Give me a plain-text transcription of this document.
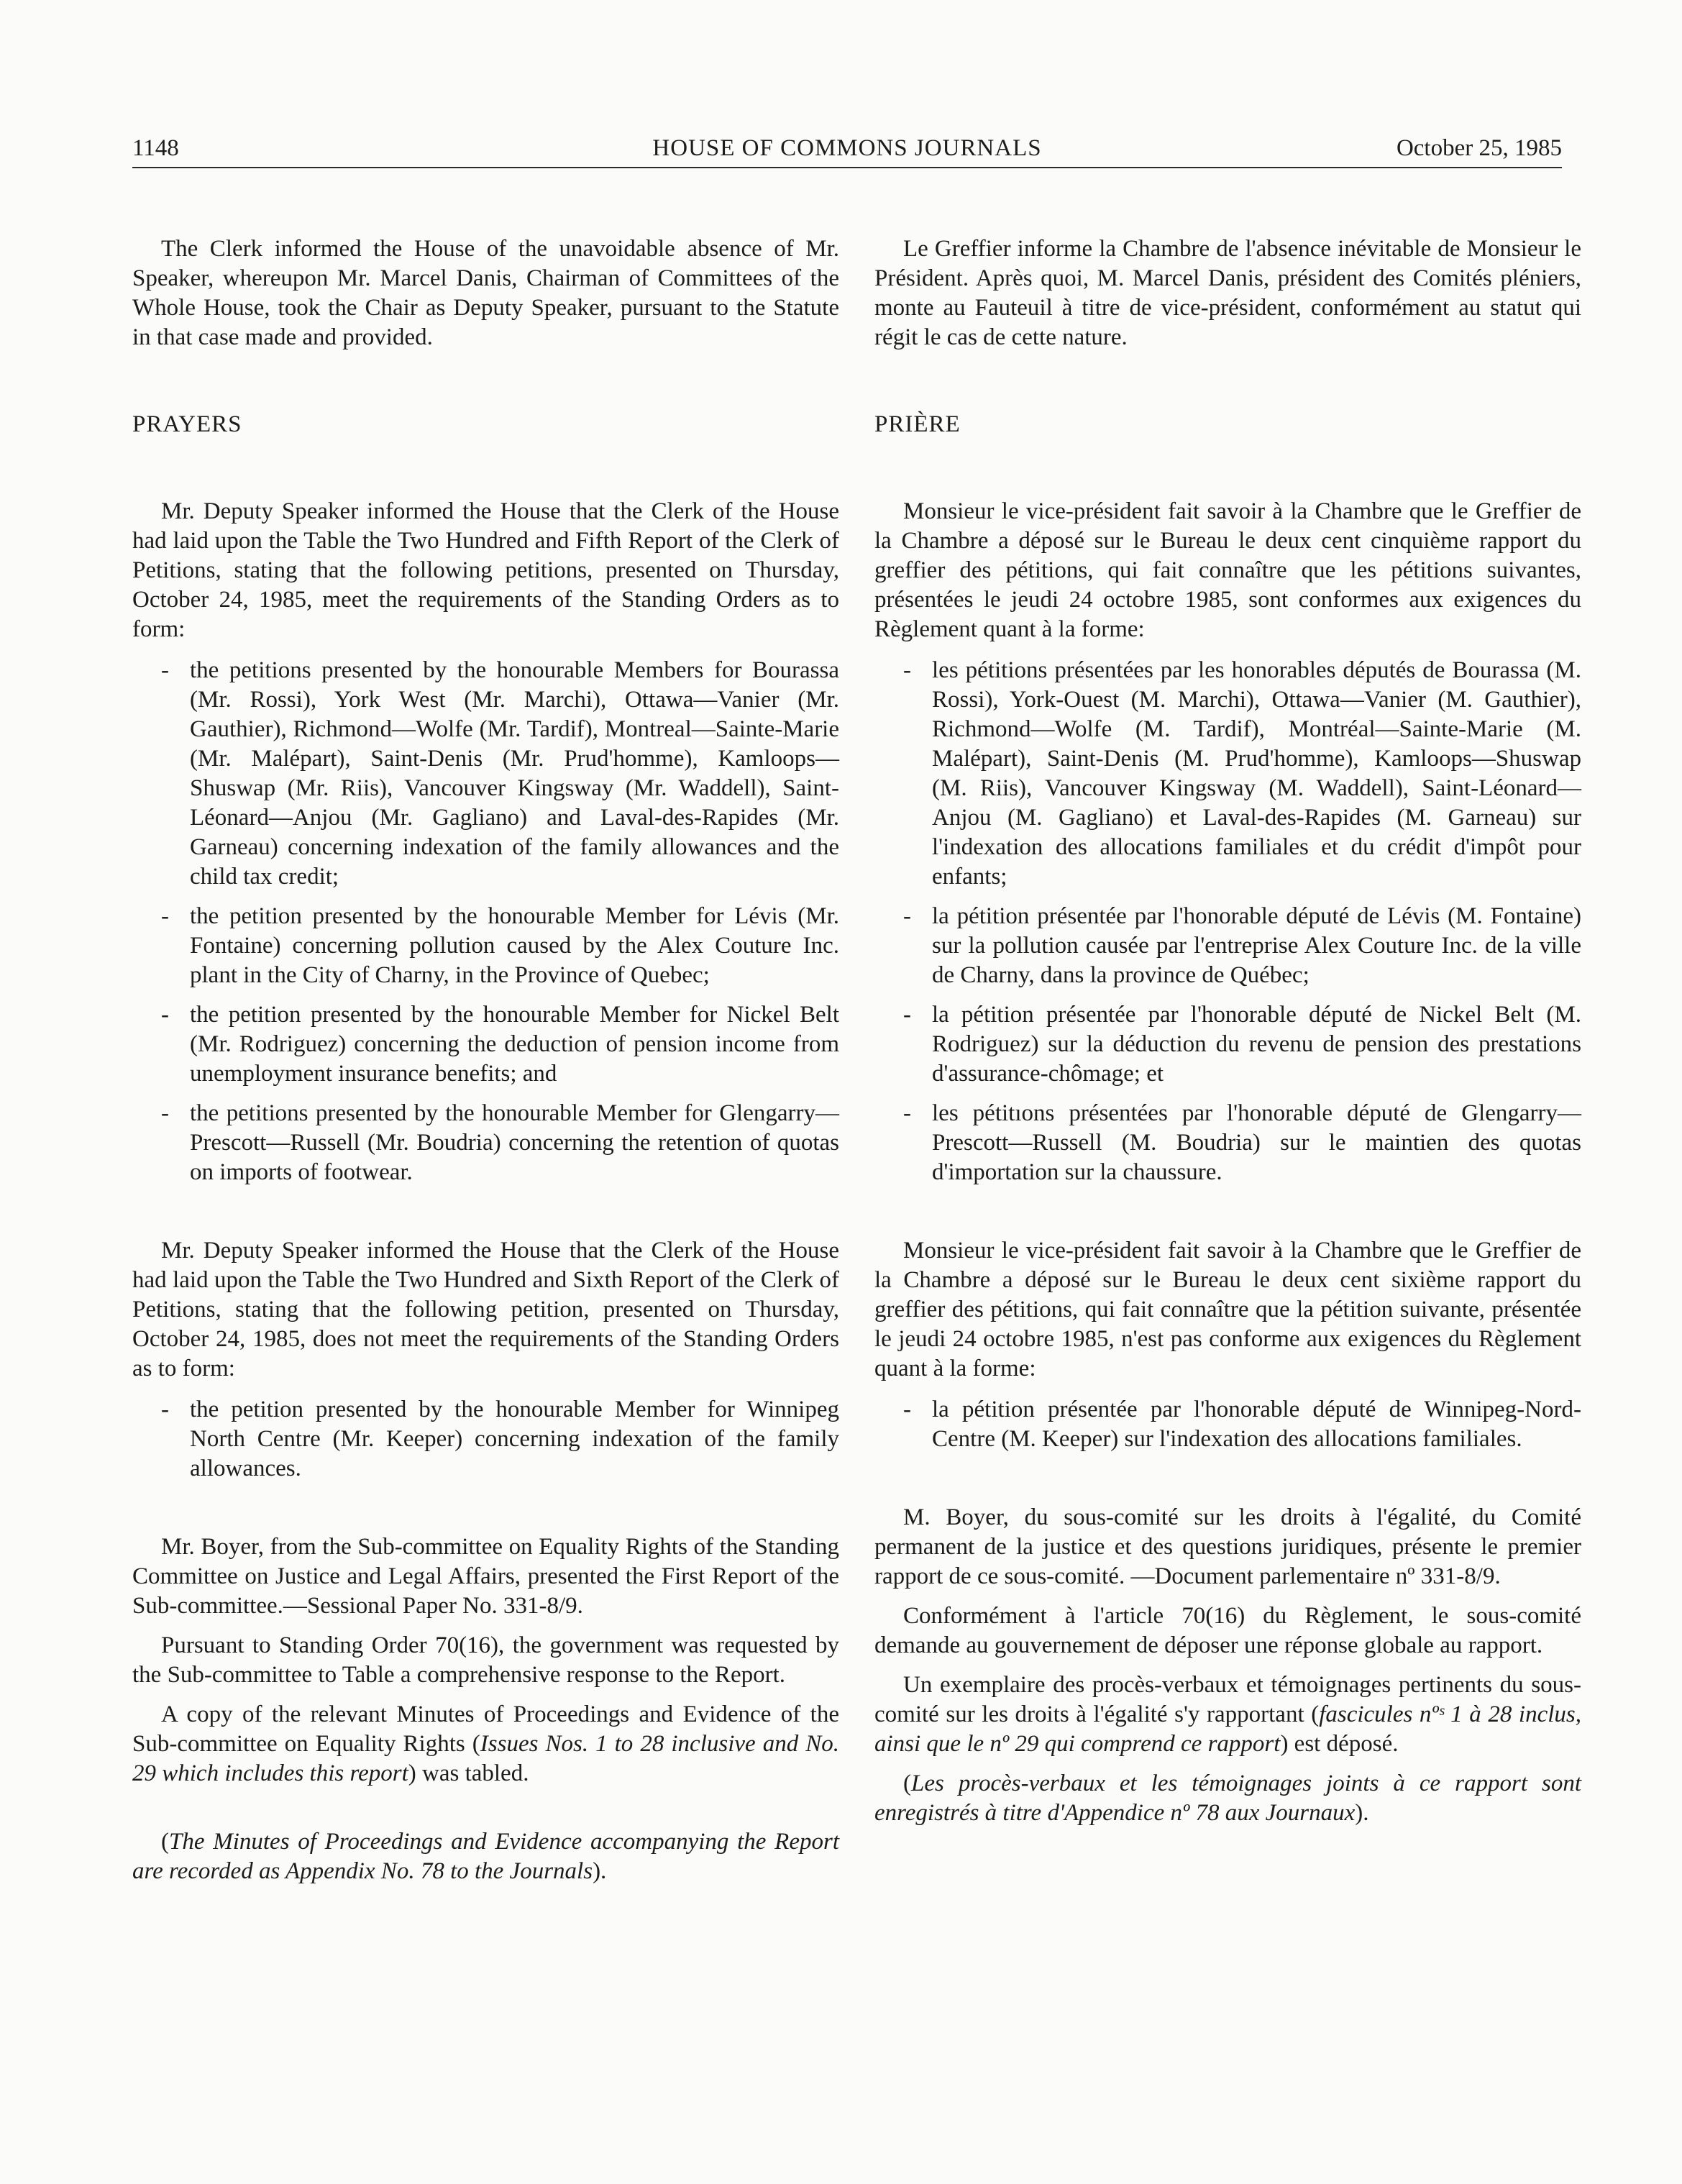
1148	HOUSE OF COMMONS JOURNALS	October 25, 1985

The Clerk informed the House of the unavoidable absence of Mr. Speaker, whereupon Mr. Marcel Danis, Chairman of Committees of the Whole House, took the Chair as Deputy Speaker, pursuant to the Statute in that case made and provided.

PRAYERS

Mr. Deputy Speaker informed the House that the Clerk of the House had laid upon the Table the Two Hundred and Fifth Report of the Clerk of Petitions, stating that the following petitions, presented on Thursday, October 24, 1985, meet the requirements of the Standing Orders as to form:

- the petitions presented by the honourable Members for Bourassa (Mr. Rossi), York West (Mr. Marchi), Ottawa—Vanier (Mr. Gauthier), Richmond—Wolfe (Mr. Tardif), Montreal—Sainte-Marie (Mr. Malépart), Saint-Denis (Mr. Prud'homme), Kamloops—Shuswap (Mr. Riis), Vancouver Kingsway (Mr. Waddell), Saint-Léonard—Anjou (Mr. Gagliano) and Laval-des-Rapides (Mr. Garneau) concerning indexation of the family allowances and the child tax credit;
- the petition presented by the honourable Member for Lévis (Mr. Fontaine) concerning pollution caused by the Alex Couture Inc. plant in the City of Charny, in the Province of Quebec;
- the petition presented by the honourable Member for Nickel Belt (Mr. Rodriguez) concerning the deduction of pension income from unemployment insurance benefits; and
- the petitions presented by the honourable Member for Glengarry—Prescott—Russell (Mr. Boudria) concerning the retention of quotas on imports of footwear.

Mr. Deputy Speaker informed the House that the Clerk of the House had laid upon the Table the Two Hundred and Sixth Report of the Clerk of Petitions, stating that the following petition, presented on Thursday, October 24, 1985, does not meet the requirements of the Standing Orders as to form:

- the petition presented by the honourable Member for Winnipeg North Centre (Mr. Keeper) concerning indexation of the family allowances.

Mr. Boyer, from the Sub-committee on Equality Rights of the Standing Committee on Justice and Legal Affairs, presented the First Report of the Sub-committee.—Sessional Paper No. 331-8/9.

Pursuant to Standing Order 70(16), the government was requested by the Sub-committee to Table a comprehensive response to the Report.

A copy of the relevant Minutes of Proceedings and Evidence of the Sub-committee on Equality Rights (Issues Nos. 1 to 28 inclusive and No. 29 which includes this report) was tabled.

(The Minutes of Proceedings and Evidence accompanying the Report are recorded as Appendix No. 78 to the Journals).

Le Greffier informe la Chambre de l'absence inévitable de Monsieur le Président. Après quoi, M. Marcel Danis, président des Comités pléniers, monte au Fauteuil à titre de vice-président, conformément au statut qui régit le cas de cette nature.

PRIÈRE

Monsieur le vice-président fait savoir à la Chambre que le Greffier de la Chambre a déposé sur le Bureau le deux cent cinquième rapport du greffier des pétitions, qui fait connaître que les pétitions suivantes, présentées le jeudi 24 octobre 1985, sont conformes aux exigences du Règlement quant à la forme:

- les pétitions présentées par les honorables députés de Bourassa (M. Rossi), York-Ouest (M. Marchi), Ottawa—Vanier (M. Gauthier), Richmond—Wolfe (M. Tardif), Montréal—Sainte-Marie (M. Malépart), Saint-Denis (M. Prud'homme), Kamloops—Shuswap (M. Riis), Vancouver Kingsway (M. Waddell), Saint-Léonard—Anjou (M. Gagliano) et Laval-des-Rapides (M. Garneau) sur l'indexation des allocations familiales et du crédit d'impôt pour enfants;
- la pétition présentée par l'honorable député de Lévis (M. Fontaine) sur la pollution causée par l'entreprise Alex Couture Inc. de la ville de Charny, dans la province de Québec;
- la pétition présentée par l'honorable député de Nickel Belt (M. Rodriguez) sur la déduction du revenu de pension des prestations d'assurance-chômage; et
- les pétitıons présentées par l'honorable député de Glengarry—Prescott—Russell (M. Boudria) sur le maintien des quotas d'importation sur la chaussure.

Monsieur le vice-président fait savoir à la Chambre que le Greffier de la Chambre a déposé sur le Bureau le deux cent sixième rapport du greffier des pétitions, qui fait connaître que la pétition suivante, présentée le jeudi 24 octobre 1985, n'est pas conforme aux exigences du Règlement quant à la forme:

- la pétition présentée par l'honorable député de Winnipeg-Nord-Centre (M. Keeper) sur l'indexation des allocations familiales.

M. Boyer, du sous-comité sur les droits à l'égalité, du Comité permanent de la justice et des questions juridiques, présente le premier rapport de ce sous-comité. —Document parlementaire nº 331-8/9.

Conformément à l'article 70(16) du Règlement, le sous-comité demande au gouvernement de déposer une réponse globale au rapport.

Un exemplaire des procès-verbaux et témoignages pertinents du sous-comité sur les droits à l'égalité s'y rapportant (fascicules nºˢ 1 à 28 inclus, ainsi que le nº 29 qui comprend ce rapport) est déposé.

(Les procès-verbaux et les témoignages joints à ce rapport sont enregistrés à titre d'Appendice nº 78 aux Journaux).
